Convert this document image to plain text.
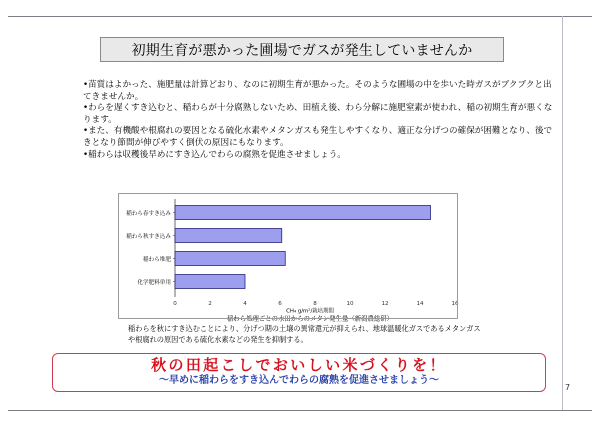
初期生育が悪かった圃場でガスが発生していませんか

•苗質はよかった、施肥量は計算どおり、なのに初期生育が悪かった。そのような圃場の中を歩いた時ガスがブクブクと出てきませんか。

•わらを遅くすき込むと、稲わらが十分腐熟しないため、田植え後、わら分解に施肥窒素が使われ、稲の初期生育が悪くなります。

•また、有機酸や根腐れの要因となる硫化水素やメタンガスも発生しやすくなり、適正な分げつの確保が困難となり、後できとなり節間が伸びやすく倒伏の原因にもなります。

•稲わらは収穫後早めにすき込んでわらの腐熟を促進させましょう。

稲わら春すき込み
稲わら秋すき込み
稲わら堆肥
化学肥料単用
0	2	4	6	8	10	12	14	16
CH₄ g/m²/栽培期間
稲わら処理ごとの水田からのメタン発生量（新潟農総研）
稲わらを秋にすき込むことにより、分げつ期の土壌の異常還元が抑えられ、地球温暖化ガスであるメタンガス
や根腐れの原因である硫化水素などの発生を抑制する。
秋の田起こしでおいしい米づくりを！
～早めに稲わらをすき込んでわらの腐熟を促進させましょう～
7
